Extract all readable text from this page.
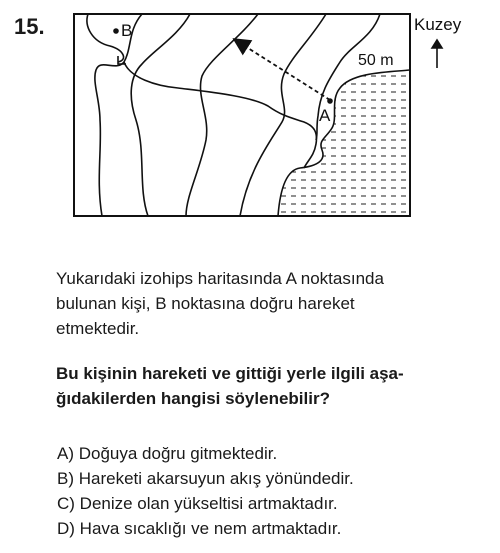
15.
A
B
50 m
Kuzey
Yukarıdaki izohips haritasında A noktasında
bulunan kişi, B noktasına doğru hareket
etmektedir.
Bu kişinin hareketi ve gittiği yerle ilgili aşa-
ğıdakilerden hangisi söylenebilir?
A) Doğuya doğru gitmektedir.
B) Hareketi akarsuyun akış yönündedir.
C) Denize olan yükseltisi artmaktadır.
D) Hava sıcaklığı ve nem artmaktadır.
